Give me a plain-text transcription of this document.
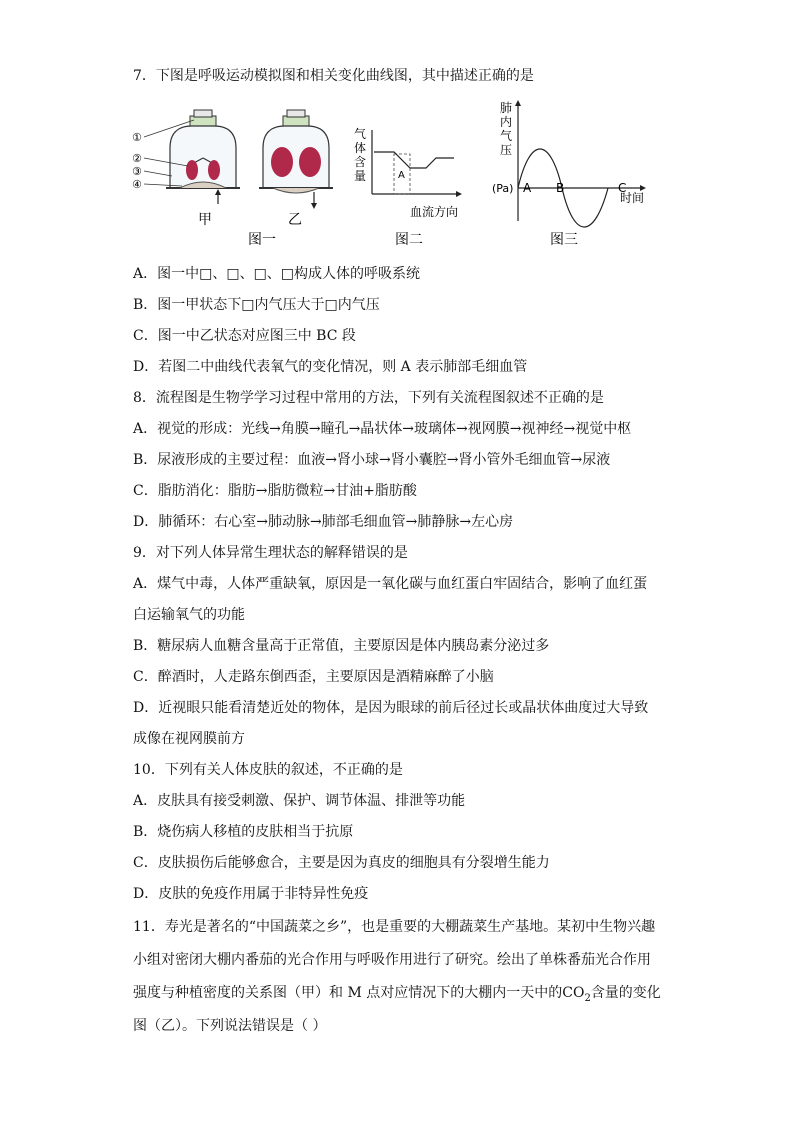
7．下图是呼吸运动模拟图和相关变化曲线图，其中描述正确的是
①
②
③
④
甲	乙
图一
气
体
含
量	A
血流方向
图二
肺
内
气
压
(Pa) A B	C
时间
图三
A．图一中□、□、□、□构成人体的呼吸系统
B．图一甲状态下□内气压大于□内气压
C．图一中乙状态对应图三中 BC 段
D．若图二中曲线代表氧气的变化情况，则 A 表示肺部毛细血管
8．流程图是生物学学习过程中常用的方法，下列有关流程图叙述不正确的是
A．视觉的形成：光线→角膜→瞳孔→晶状体→玻璃体→视网膜→视神经→视觉中枢
B．尿液形成的主要过程：血液→肾小球→肾小囊腔→肾小管外毛细血管→尿液
C．脂肪消化：脂肪→脂肪微粒→甘油+脂肪酸
D．肺循环：右心室→肺动脉→肺部毛细血管→肺静脉→左心房
9．对下列人体异常生理状态的解释错误的是
A．煤气中毒，人体严重缺氧，原因是一氧化碳与血红蛋白牢固结合，影响了血红蛋
白运输氧气的功能
B．糖尿病人血糖含量高于正常值，主要原因是体内胰岛素分泌过多
C．醉酒时，人走路东倒西歪，主要原因是酒精麻醉了小脑
D．近视眼只能看清楚近处的物体，是因为眼球的前后径过长或晶状体曲度过大导致
成像在视网膜前方
10．下列有关人体皮肤的叙述，不正确的是
A．皮肤具有接受刺激、保护、调节体温、排泄等功能
B．烧伤病人移植的皮肤相当于抗原
C．皮肤损伤后能够愈合，主要是因为真皮的细胞具有分裂增生能力
D．皮肤的免疫作用属于非特异性免疫
11．寿光是著名的“中国蔬菜之乡”，也是重要的大棚蔬菜生产基地。某初中生物兴趣
小组对密闭大棚内番茄的光合作用与呼吸作用进行了研究。绘出了单株番茄光合作用
强度与种植密度的关系图（甲）和 M 点对应情况下的大棚内一天中的$CO_2$含量的变化
图（乙）。下列说法错误是（ ）
